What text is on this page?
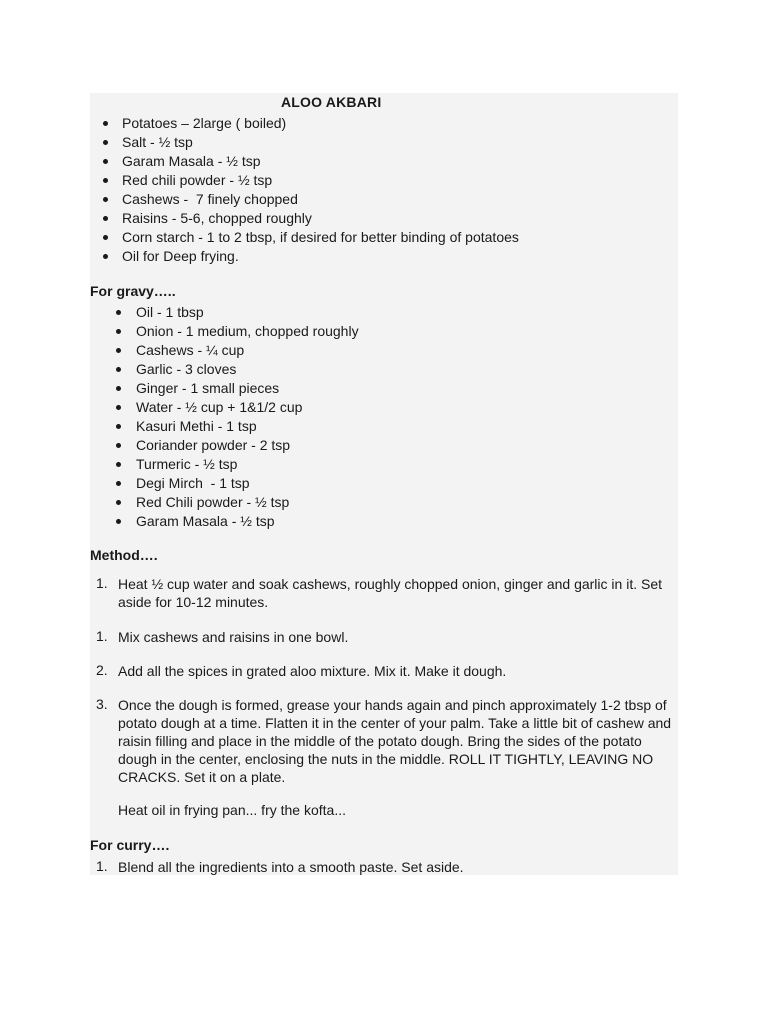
ALOO AKBARI
Potatoes – 2large ( boiled)
Salt - ½ tsp
Garam Masala - ½ tsp
Red chili powder - ½ tsp
Cashews -  7 finely chopped
Raisins - 5-6, chopped roughly
Corn starch - 1 to 2 tbsp, if desired for better binding of potatoes
Oil for Deep frying.
For gravy…..
Oil - 1 tbsp
Onion - 1 medium, chopped roughly
Cashews - ¼ cup
Garlic - 3 cloves
Ginger - 1 small pieces
Water - ½ cup + 1&1/2 cup
Kasuri Methi - 1 tsp
Coriander powder - 2 tsp
Turmeric - ½ tsp
Degi Mirch  - 1 tsp
Red Chili powder - ½ tsp
Garam Masala - ½ tsp
Method….
1. Heat ½ cup water and soak cashews, roughly chopped onion, ginger and garlic in it. Set aside for 10-12 minutes.
1. Mix cashews and raisins in one bowl.
2. Add all the spices in grated aloo mixture. Mix it. Make it dough.
3. Once the dough is formed, grease your hands again and pinch approximately 1-2 tbsp of potato dough at a time. Flatten it in the center of your palm. Take a little bit of cashew and raisin filling and place in the middle of the potato dough. Bring the sides of the potato dough in the center, enclosing the nuts in the middle. ROLL IT TIGHTLY, LEAVING NO CRACKS. Set it on a plate.
Heat oil in frying pan... fry the kofta...
For curry….
1. Blend all the ingredients into a smooth paste. Set aside.
